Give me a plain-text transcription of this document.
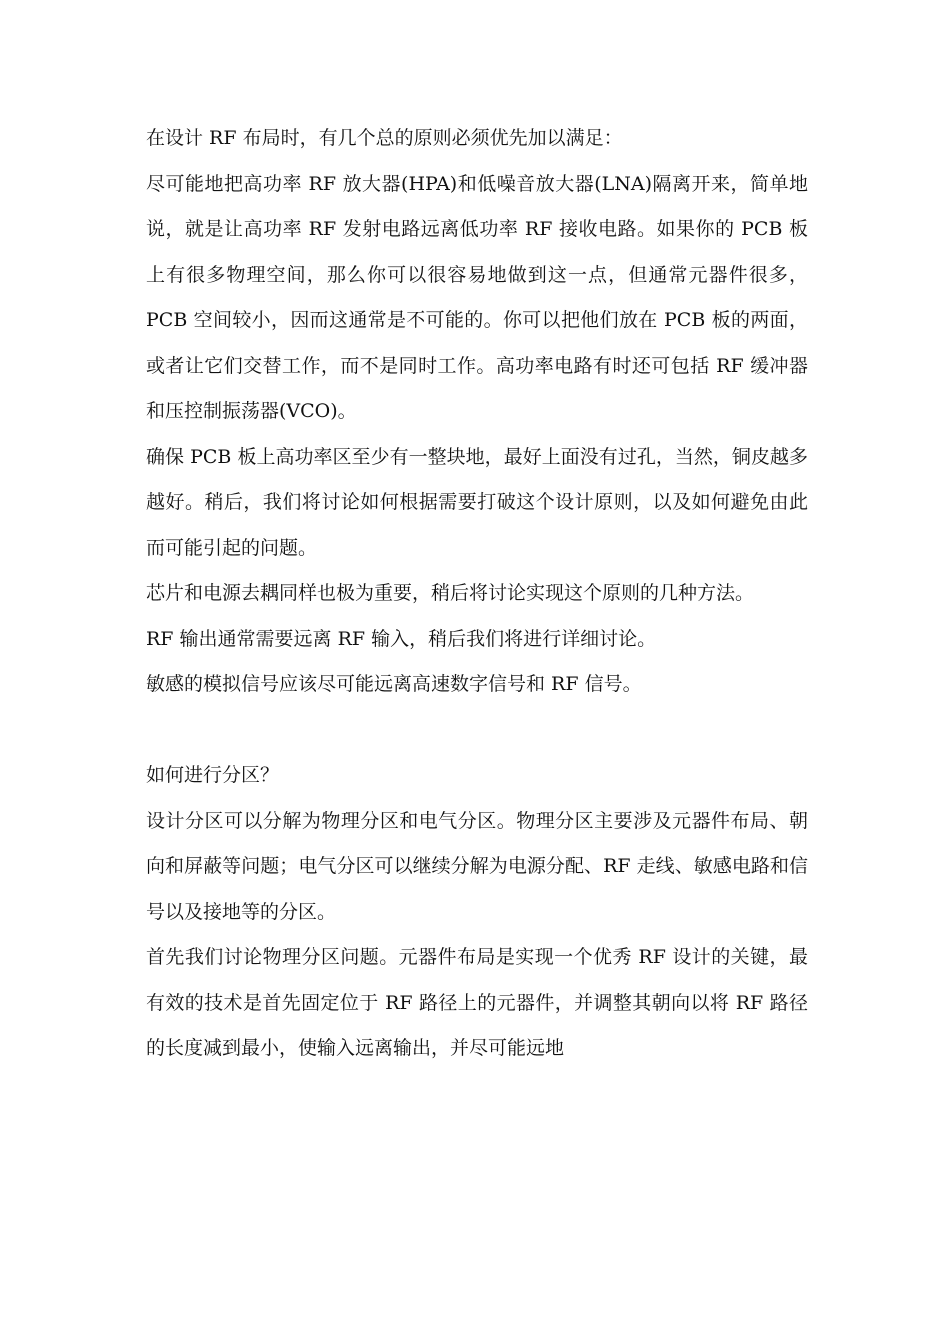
在设计 RF 布局时，有几个总的原则必须优先加以满足：

尽可能地把高功率 RF 放大器(HPA)和低噪音放大器(LNA)隔离开来，简单地说，就是让高功率 RF 发射电路远离低功率 RF 接收电路。如果你的 PCB 板上有很多物理空间，那么你可以很容易地做到这一点，但通常元器件很多，PCB 空间较小，因而这通常是不可能的。你可以把他们放在 PCB 板的两面，或者让它们交替工作，而不是同时工作。高功率电路有时还可包括 RF 缓冲器和压控制振荡器(VCO)。

确保 PCB 板上高功率区至少有一整块地，最好上面没有过孔，当然，铜皮越多越好。稍后，我们将讨论如何根据需要打破这个设计原则，以及如何避免由此而可能引起的问题。

芯片和电源去耦同样也极为重要，稍后将讨论实现这个原则的几种方法。

RF 输出通常需要远离 RF 输入，稍后我们将进行详细讨论。

敏感的模拟信号应该尽可能远离高速数字信号和 RF 信号。

如何进行分区？

设计分区可以分解为物理分区和电气分区。物理分区主要涉及元器件布局、朝向和屏蔽等问题；电气分区可以继续分解为电源分配、RF 走线、敏感电路和信号以及接地等的分区。

首先我们讨论物理分区问题。元器件布局是实现一个优秀 RF 设计的关键，最有效的技术是首先固定位于 RF 路径上的元器件，并调整其朝向以将 RF 路径的长度减到最小，使输入远离输出，并尽可能远地
